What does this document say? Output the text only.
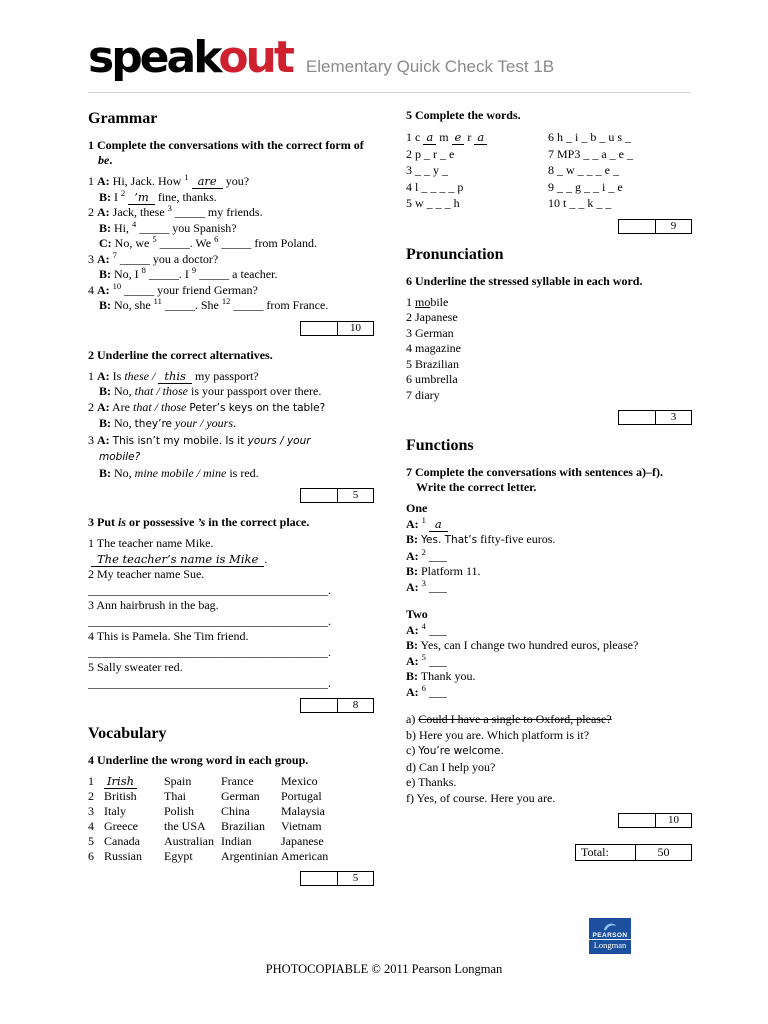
speakout Elementary Quick Check Test 1B
Grammar
1 Complete the conversations with the correct form of be.
1 A: Hi, Jack. How $^1$ are you?
B: I $^2$ ’m fine, thanks.
2 A: Jack, these $^3$ _____ my friends.
B: Hi, $^4$ _____ you Spanish?
C: No, we $^5$ _____. We $^6$ _____ from Poland.
3 A: $^7$ _____ you a doctor?
B: No, I $^8$ _____. I $^9$ _____ a teacher.
4 A: $^{10}$ _____ your friend German?
B: No, she $^{11}$ _____. She $^{12}$ _____ from France.
10
2 Underline the correct alternatives.
1 A: Is these / this my passport?
B: No, that / those is your passport over there.
2 A: Are that / those Peter’s keys on the table?
B: No, they’re your / yours.
3 A: This isn’t my mobile. Is it yours / your
mobile?
B: No, mine mobile / mine is red.
5
3 Put is or possessive ’s in the correct place.
1 The teacher name Mike.
The teacher’s name is Mike .
2 My teacher name Sue.
________________________________________.
3 Ann hairbrush in the bag.
________________________________________.
4 This is Pamela. She Tim friend.
________________________________________.
5 Sally sweater red.
________________________________________.
8
Vocabulary
4 Underline the wrong word in each group.
1	Irish	Spain	France	Mexico
2 British	Thai	German	Portugal
3 Italy	Polish	China	Malaysia
4 Greece	the USA	Brazilian	Vietnam
5 Canada	Australian Indian	Japanese
6 Russian	Egypt	Argentinian American
5
5 Complete the words.
1 c a m e r a
2 p _ r _ e
3 _ _ y _
4 l _ _ _ _ p
5 w _ _ _ h
6 h _ i _ b _ u s _
7 MP3 _ _ a _ e _
8 _ w _ _ _ e _
9 _ _ g _ _ i _ e
10 t _ _ k _ _
9
Pronunciation
6 Underline the stressed syllable in each word.
1 mobile
2 Japanese
3 German
4 magazine
5 Brazilian
6 umbrella
7 diary
3
Functions
7 Complete the conversations with sentences a)–f). Write the correct letter.
One
A: $^1$ a
B: Yes. That’s fifty-five euros.
A: $^2$ ___
B: Platform 11.
A: $^3$ ___
Two
A: $^4$ ___
B: Yes, can I change two hundred euros, please?
A: $^5$ ___
B: Thank you.
A: $^6$ ___
a) Could I have a single to Oxford, please?
b) Here you are. Which platform is it?
c) You’re welcome.
d) Can I help you?
e) Thanks.
f) Yes, of course. Here you are.
10
Total:	50
PEARSON
Longman
PHOTOCOPIABLE © 2011 Pearson Longman
